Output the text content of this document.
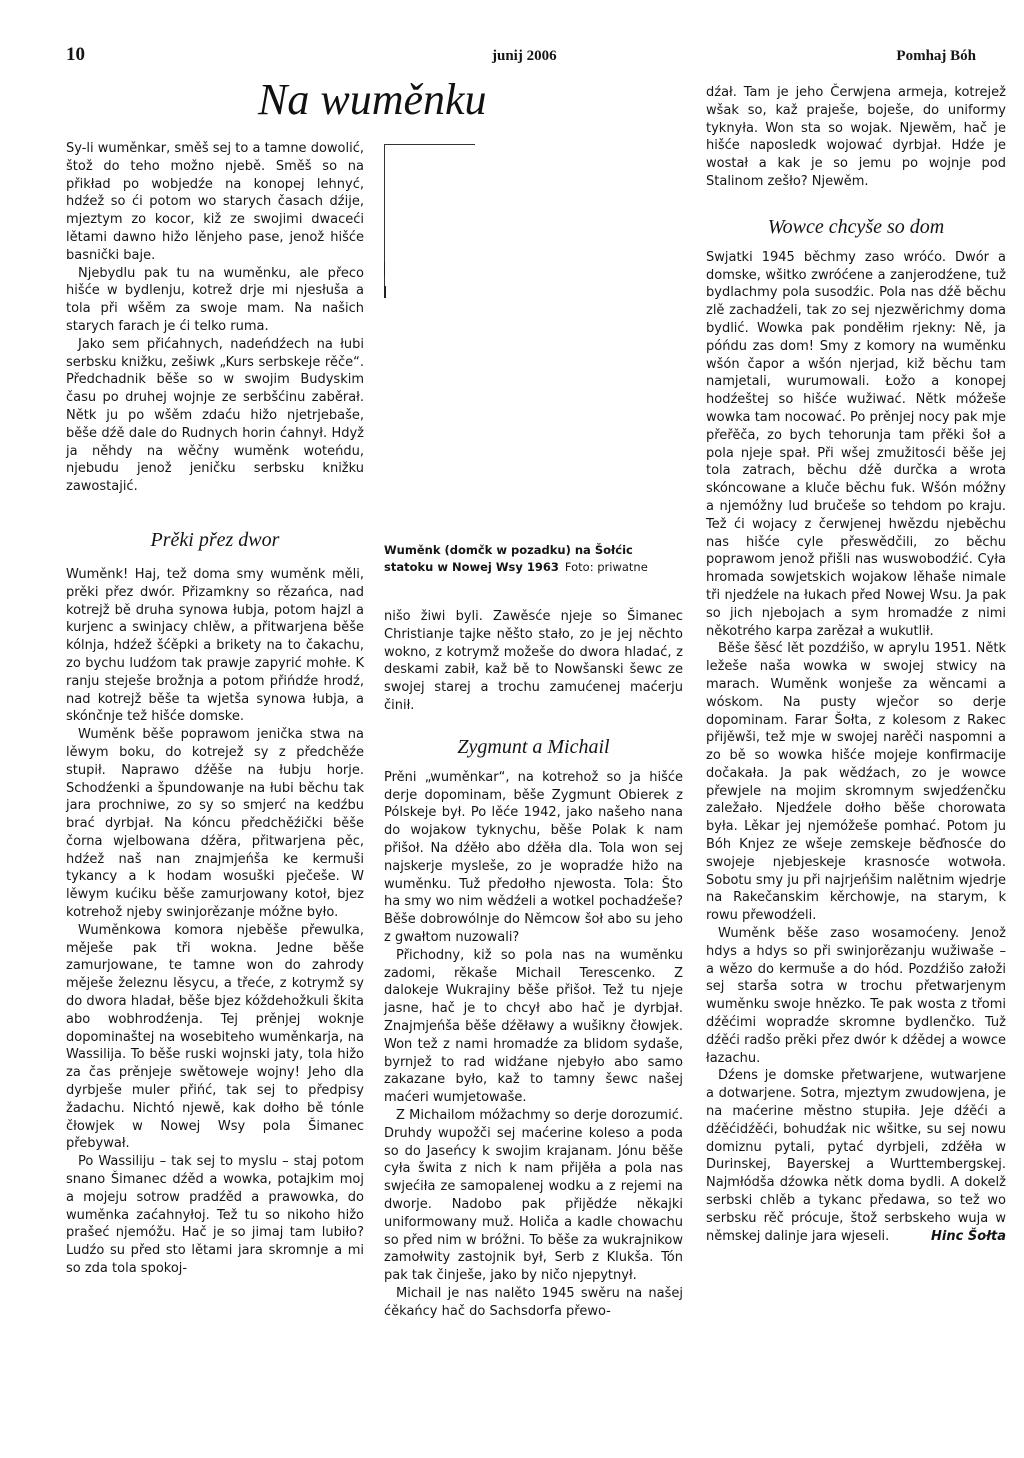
10	junij 2006	Pomhaj Bóh
Na wuměnku
Wuměnk (domčk w pozadku) na Šołćic statoku w Nowej Wsy 1963 Foto: priwatne

Sy-li wuměnkar, směš sej to a tamne dowolić, štož do teho možno njebě. Směš so na přikład po wobjedźe na konopej lehnyć, hdźež so ći potom wo starych časach dźije, mjeztym zo kocor, kiž ze swojimi dwaceći lětami dawno hižo lěnjeho pase, jenož hišće basnički baje.

Njebydlu pak tu na wuměnku, ale přeco hišće w bydlenju, kotrež drje mi njesłuša a tola při wšěm za swoje mam. Na našich starych farach je ći telko ruma.

Jako sem přićahnych, nadeńdźech na łubi serbsku knižku, zešiwk „Kurs serbskeje rěče“. Předchadnik běše so w swojim Budyskim času po druhej wojnje ze serbšćinu zaběrał. Nětk ju po wšěm zdaću hižo njetrjebaše, běše dźě dale do Rudnych horin ćahnył. Hdyž ja něhdy na wěčny wuměnk woteńdu, njebudu jenož jeničku serbsku knižku zawostajić.

Prěki přez dwor

Wuměnk! Haj, tež doma smy wuměnk měli, prěki přez dwór. Přizamkny so rězańca, nad kotrejž bě druha synowa łubja, potom hajzl a kurjenc a swinjacy chlěw, a přitwarjena běše kólnja, hdźež šćěpki a brikety na to čakachu, zo bychu ludźom tak prawje zapyrić mohłe. K ranju steješe brožnja a potom přińdźe hrodź, nad kotrejž běše ta wjetša synowa łubja, a skónčnje tež hišće domske.

Wuměnk běše poprawom jenička stwa na lěwym boku, do kotrejež sy z předchěźe stupił. Naprawo dźěše na łubju horje. Schodźenki a špundowanje na łubi běchu tak jara prochniwe, zo sy so smjerć na kedźbu brać dyrbjał. Na kóncu předchěźički běše čorna wjelbowana dźěra, přitwarjena pěc, hdźež naš nan znajmjeńša ke kermuši tykancy a k hodam wosuški pječeše. W lěwym kućiku běše zamurjowany kotoł, bjez kotrehož njeby swinjorězanje móžne było.

Wuměnkowa komora njeběše přewulka, měješe pak tři wokna. Jedne běše zamurjowane, te tamne won do zahrody měješe železnu lěsycu, a třeće, z kotrymž sy do dwora hladał, běše bjez kóždehožkuli škita abo wobhrodźenja. Tej prěnjej woknje dopominaštej na wosebiteho wuměnkarja, na Wassilija. To běše ruski wojnski jaty, tola hižo za čas prěnjeje swětoweje wojny! Jeho dla dyrbješe muler přińć, tak sej to předpisy žadachu. Nichtó njewě, kak dołho bě tónle čłowjek w Nowej Wsy pola Šimanec přebywał.

Po Wassiliju – tak sej to myslu – staj potom snano Šimanec dźěd a wowka, potajkim moj a mojeju sotrow pradźěd a prawowka, do wuměnka zaćahnyłoj. Tež tu so nikoho hižo prašeć njemóžu. Hač je so jimaj tam lubiło? Ludźo su před sto lětami jara skromnje a mi so zda tola spokoj-

nišo žiwi byli. Zawěsće njeje so Šimanec Christianje tajke něšto stało, zo je jej něchto wokno, z kotrymž možeše do dwora hladać, z deskami zabił, kaž bě to Nowšanski šewc ze swojej starej a trochu zamućenej maćerju činił.

Zygmunt a Michail

Prěni „wuměnkar“, na kotrehož so ja hišće derje dopominam, běše Zygmunt Obierek z Pólskeje był. Po lěće 1942, jako našeho nana do wojakow tyknychu, běše Polak k nam přišoł. Na dźěło abo dźěła dla. Tola won sej najskerje mysleše, zo je wopradźe hižo na wuměnku. Tuž předołho njewosta. Tola: Što ha smy wo nim wědźeli a wotkel pochadźeše? Běše dobrowólnje do Němcow šoł abo su jeho z gwałtom nuzowali?

Přichodny, kiž so pola nas na wuměnku zadomi, rěkaše Michail Terescenko. Z dalokeje Wukrajiny běše přišoł. Tež tu njeje jasne, hač je to chcył abo hač je dyrbjał. Znajmjeńša běše dźěławy a wušikny čłowjek. Won tež z nami hromadźe za blidom sydaše, byrnjež to rad widźane njebyło abo samo zakazane było, kaž to tamny šewc našej maćeri wumjetowaše.

Z Michailom móžachmy so derje dorozumić. Druhdy wupožči sej maćerine koleso a poda so do Jaseńcy k swojim krajanam. Jónu běše cyła šwita z nich k nam přijěła a pola nas swjećiła ze samopalenej wodku a z rejemi na dworje. Nadobo pak přijědźe někajki uniformowany muž. Holiča a kadle chowachu so před nim w bróžni. To běše za wukrajnikow zamołwity zastojnik był, Serb z Klukša. Tón pak tak činješe, jako by ničo njepytnył.

Michail je nas nalěto 1945 swěru na našej ćěkańcy hač do Sachsdorfa přewo-

dźał. Tam je jeho Čerwjena armeja, kotrejež wšak so, kaž praješe, boješe, do uniformy tyknyła. Won sta so wojak. Njewěm, hač je hišće naposledk wojować dyrbjał. Hdźe je wostał a kak je so jemu po wojnje pod Stalinom zešło? Njewěm.

Wowce chcyše so dom

Swjatki 1945 běchmy zaso wróćo. Dwór a domske, wšitko zwróćene a zanjerodźene, tuž bydlachmy pola susodźic. Pola nas dźě běchu zlě zachadźeli, tak zo sej njezwěrichmy doma bydlić. Wowka pak ponděłim rjekny: Ně, ja póńdu zas dom! Smy z komory na wuměnku wšón čapor a wšón njerjad, kiž běchu tam namjetali, wurumowali. Łožo a konopej hodźeštej so hišće wužiwać. Nětk móžeše wowka tam nocować. Po prěnjej nocy pak mje přeřěča, zo bych tehorunja tam přěki šoł a pola njeje spał. Při wšej zmužitosći běše jej tola zatrach, běchu dźě durčka a wrota skóncowane a kluče běchu fuk. Wšón móžny a njemóžny lud bručeše so tehdom po kraju. Tež ći wojacy z čerwjenej hwězdu njeběchu nas hišće cyle přeswědčili, zo běchu poprawom jenož přišli nas wuswobodźić. Cyła hromada sowjetskich wojakow lěhaše nimale tři njedźele na łukach před Nowej Wsu. Ja pak so jich njebojach a sym hromadźe z nimi někotrého karpa zarězał a wukutlił.

Běše šěsć lět pozdźišo, w aprylu 1951. Nětk ležeše naša wowka w swojej stwicy na marach. Wuměnk wonješe za wěncami a wóskom. Na pusty wječor so derje dopominam. Farar Šołta, z kolesom z Rakec přijěwši, tež mje w swojej narěči naspomni a zo bě so wowka hišće mojeje konfirmacije dočakała. Ja pak wědźach, zo je wowce přewjele na mojim skromnym swjedźenčku zaležało. Njedźele dołho běše chorowata była. Lěkar jej njemóžeše pomhać. Potom ju Bóh Knjez ze wšeje zemskeje běďnosće do swojeje njebjeskeje krasnosće wotwoła. Sobotu smy ju při najrjeńšim nalětnim wjedrje na Rakečanskim kěrchowje, na starym, k rowu přewodźeli.

Wuměnk běše zaso wosamoćeny. Jenož hdys a hdys so při swinjorězanju wužiwaše – a wězo do kermuše a do hód. Pozdźišo załoži sej starša sotra w trochu přetwarjenym wuměnku swoje hnězko. Te pak wosta z třomi dźěćimi wopradźe skromne bydlenčko. Tuž dźěći radšo prěki přez dwór k dźědej a wowce łazachu.

Dźens je domske přetwarjene, wutwarjene a dotwarjene. Sotra, mjeztym zwudowjena, je na maćerine městno stupiła. Jeje dźěći a dźěćidźěći, bohudźak nic wšitke, su sej nowu domiznu pytali, pytać dyrbjeli, zdźěła w Durinskej, Bayerskej a Wurttembergskej. Najmłódša dźowka nětk doma bydli. A dokelž serbski chlěb a tykanc předawa, so tež wo serbsku rěč prócuje, štož serbskeho wuja w němskej dalinje jara wjeseli.	Hinc Šołta
